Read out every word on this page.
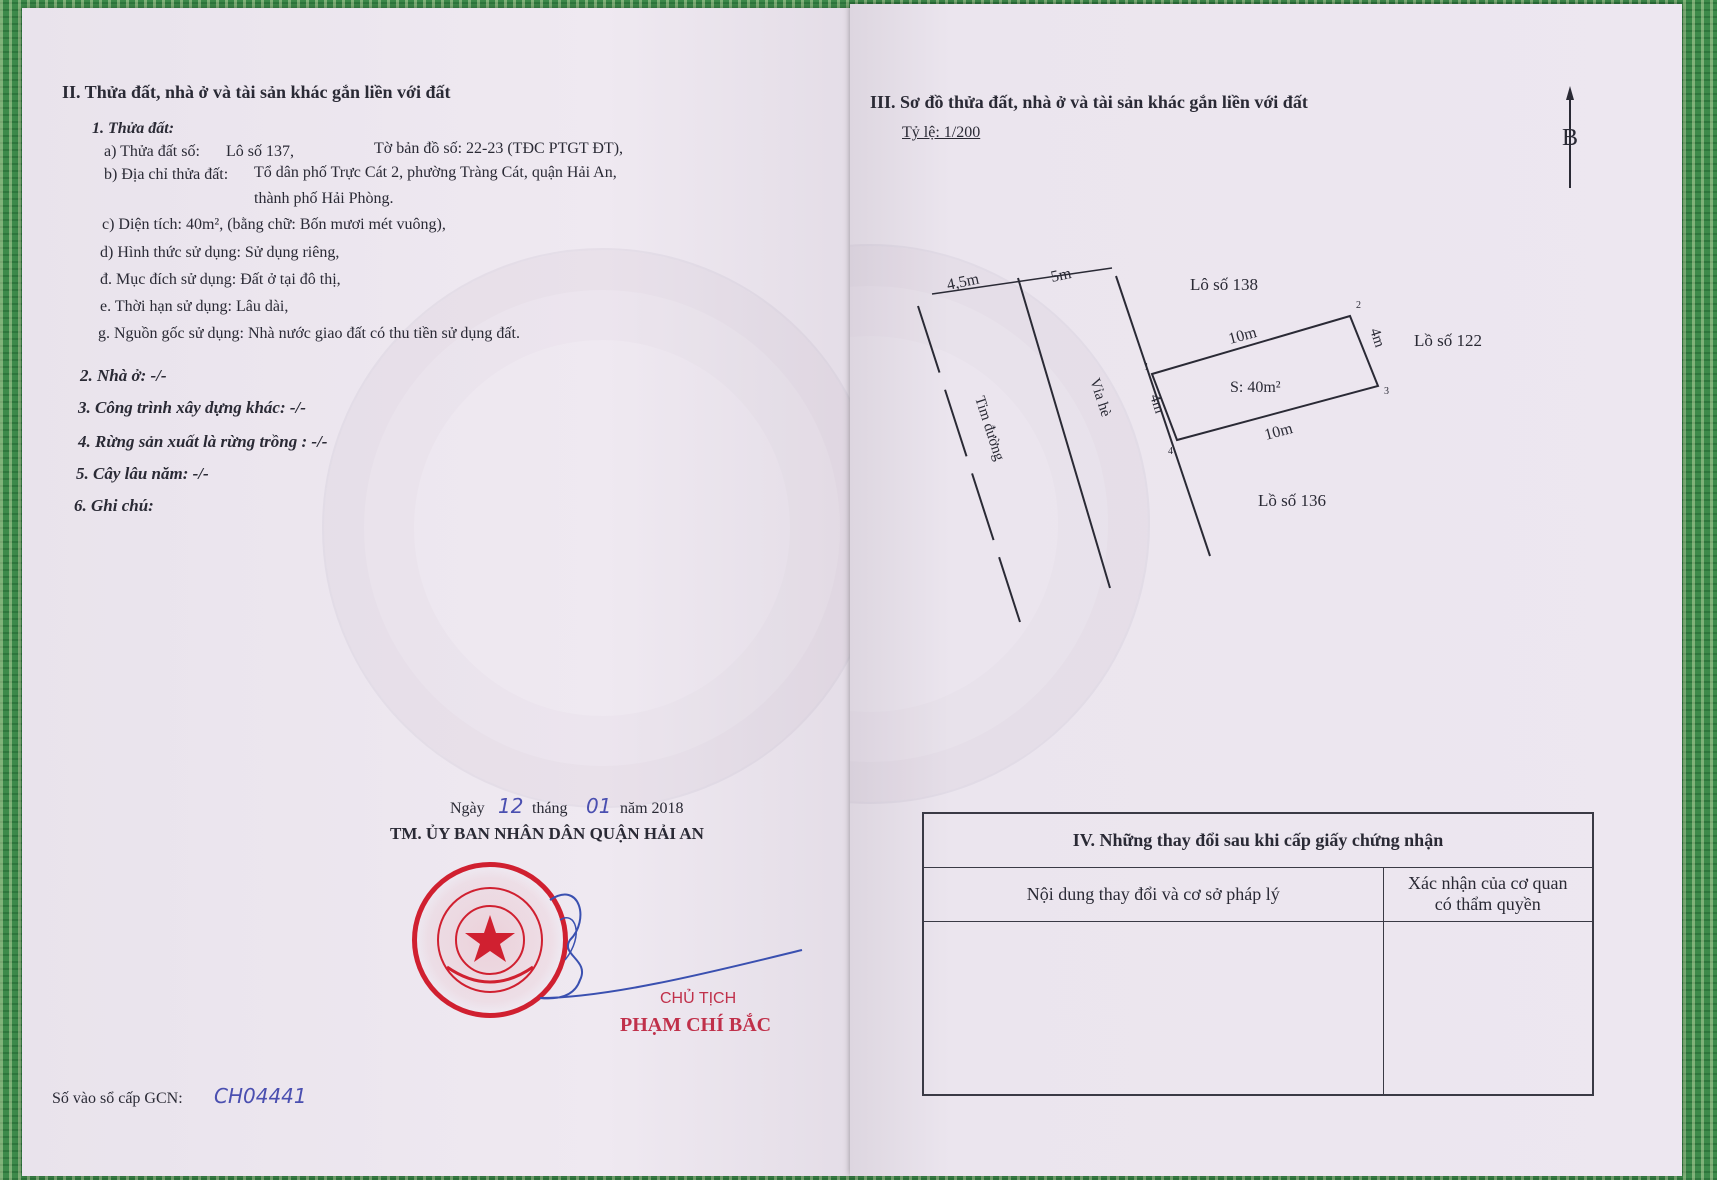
II. Thửa đất, nhà ở và tài sản khác gắn liền với đất
1. Thửa đất:
a) Thửa đất số: Lô số 137,	Tờ bản đồ số: 22-23 (TĐC PTGT ĐT),
b) Địa chỉ thửa đất: Tổ dân phố Trực Cát 2, phường Tràng Cát, quận Hải An,
thành phố Hải Phòng.
c) Diện tích: 40m², (bằng chữ: Bốn mươi mét vuông),
d) Hình thức sử dụng: Sử dụng riêng,
đ. Mục đích sử dụng: Đất ở tại đô thị,
e. Thời hạn sử dụng: Lâu dài,
g. Nguồn gốc sử dụng: Nhà nước giao đất có thu tiền sử dụng đất.
2. Nhà ở: -/-
3. Công trình xây dựng khác: -/-
4. Rừng sản xuất là rừng trồng : -/-
5. Cây lâu năm: -/-
6. Ghi chú:
Ngày 12 tháng 01 năm 2018
TM. ỦY BAN NHÂN DÂN QUẬN HẢI AN
CHỦ TỊCH
PHẠM CHÍ BẮC
Số vào sổ cấp GCN: CH04441
III. Sơ đồ thửa đất, nhà ở và tài sản khác gắn liền với đất
Tỷ lệ: 1/200	B
4,5m	5m
Tim đường	Vỉa hè
1
2
3
4
10m
10m
4m
4m
S: 40m²
Lô số 138
Lồ số 122
Lồ số 136
IV. Những thay đổi sau khi cấp giấy chứng nhận	
Nội dung thay đổi và cơ sở pháp lý	Xác nhận của cơ quan
có thẩm quyền
